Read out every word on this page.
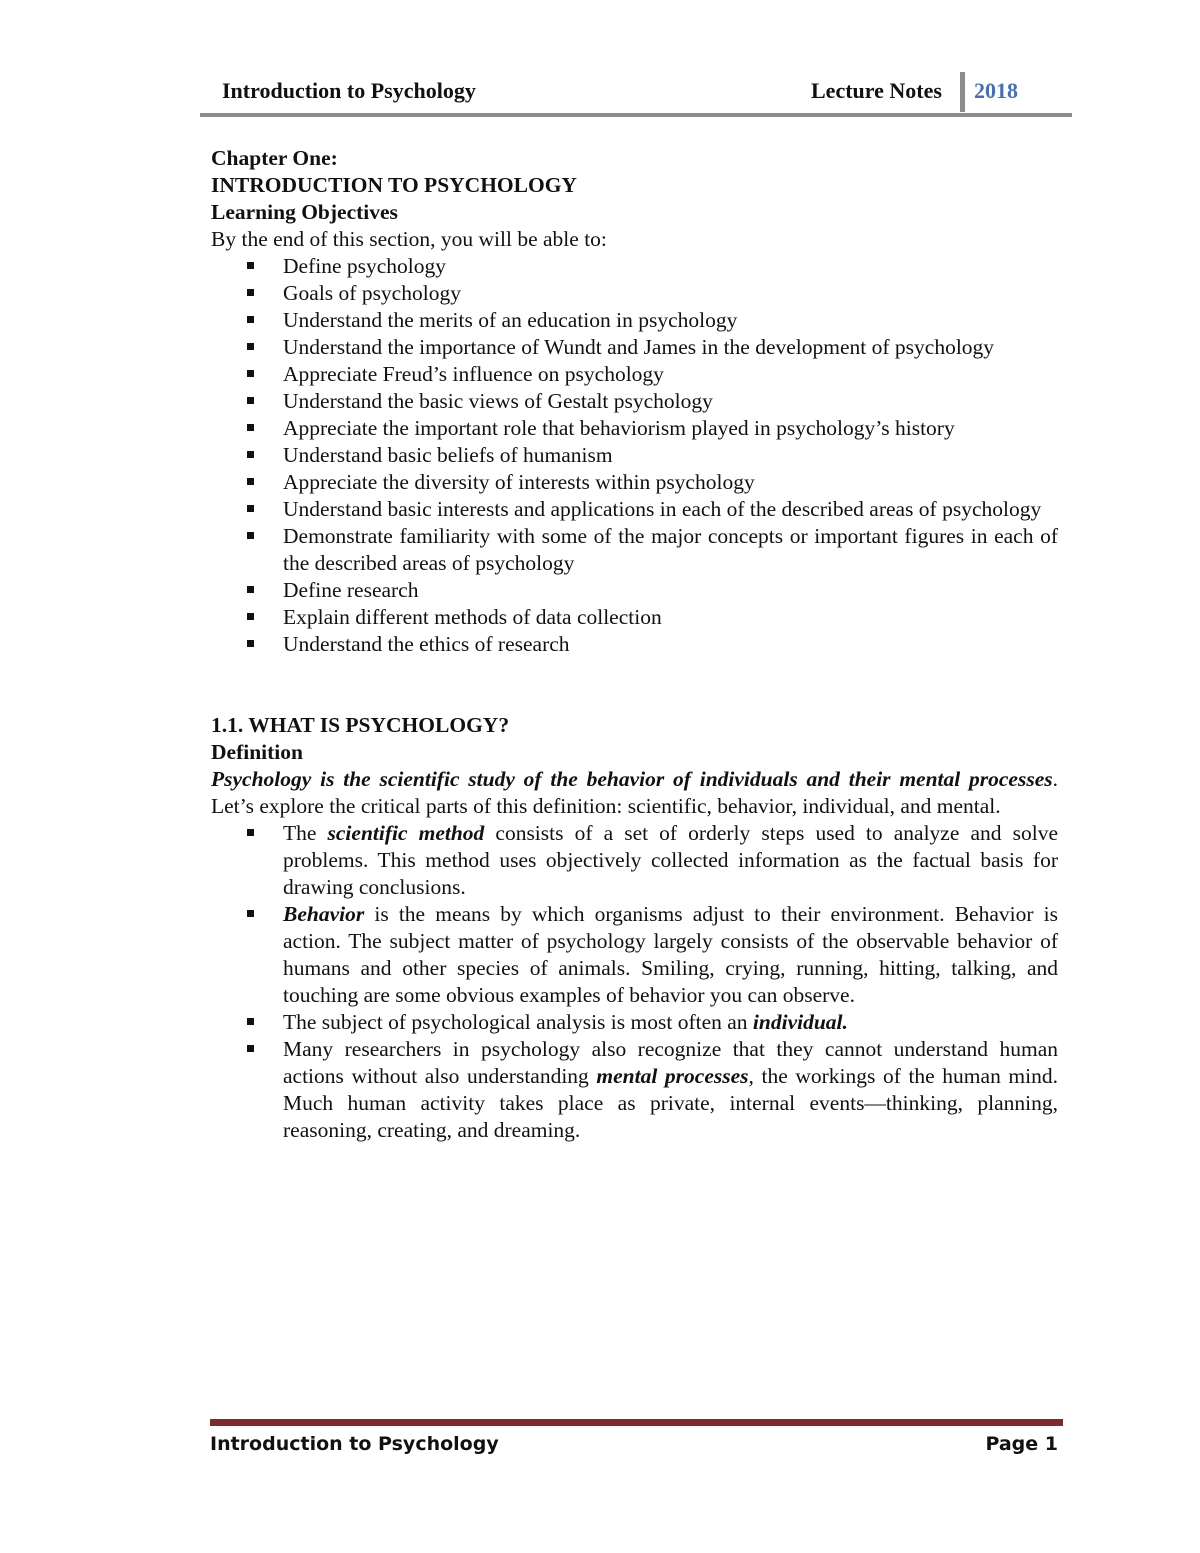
Introduction to Psychology	Lecture Notes 2018
Chapter One:
INTRODUCTION TO PSYCHOLOGY
Learning Objectives
By the end of this section, you will be able to:
Define psychology
Goals of psychology
Understand the merits of an education in psychology
Understand the importance of Wundt and James in the development of psychology
Appreciate Freud’s influence on psychology
Understand the basic views of Gestalt psychology
Appreciate the important role that behaviorism played in psychology’s history
Understand basic beliefs of humanism
Appreciate the diversity of interests within psychology
Understand basic interests and applications in each of the described areas of psychology
Demonstrate familiarity with some of the major concepts or important figures in each of the described areas of psychology
Define research
Explain different methods of data collection
Understand the ethics of research
1.1. WHAT IS PSYCHOLOGY?
Definition
Psychology is the scientific study of the behavior of individuals and their mental processes. Let’s explore the critical parts of this definition: scientific, behavior, individual, and mental.
The scientific method consists of a set of orderly steps used to analyze and solve problems. This method uses objectively collected information as the factual basis for drawing conclusions.
Behavior is the means by which organisms adjust to their environment. Behavior is action. The subject matter of psychology largely consists of the observable behavior of humans and other species of animals. Smiling, crying, running, hitting, talking, and touching are some obvious examples of behavior you can observe.
The subject of psychological analysis is most often an individual.
Many researchers in psychology also recognize that they cannot understand human actions without also understanding mental processes, the workings of the human mind. Much human activity takes place as private, internal events—thinking, planning, reasoning, creating, and dreaming.
Introduction to Psychology	Page 1
